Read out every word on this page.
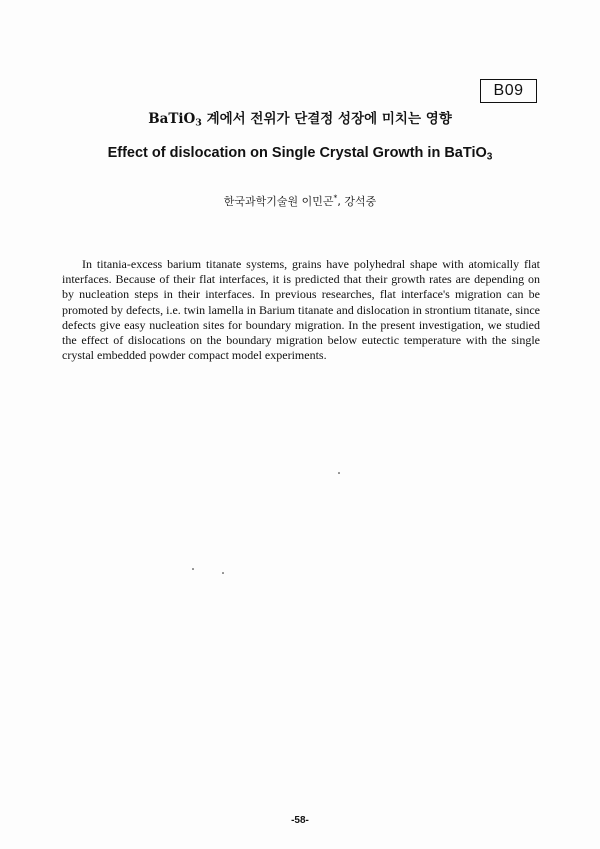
B09
BaTiO$_3$ 계에서 전위가 단결정 성장에 미치는 영향
Effect of dislocation on Single Crystal Growth in BaTiO$_3$
한국과학기술원 이민곤*, 강석중

In titania-excess barium titanate systems, grains have polyhedral shape with atomically flat interfaces. Because of their flat interfaces, it is predicted that their growth rates are depending on by nucleation steps in their interfaces. In previous researches, flat interface's migration can be promoted by defects, i.e. twin lamella in Barium titanate and dislocation in strontium titanate, since defects give easy nucleation sites for boundary migration. In the present investigation, we studied the effect of dislocations on the boundary migration below eutectic temperature with the single crystal embedded powder compact model experiments.

-58-
